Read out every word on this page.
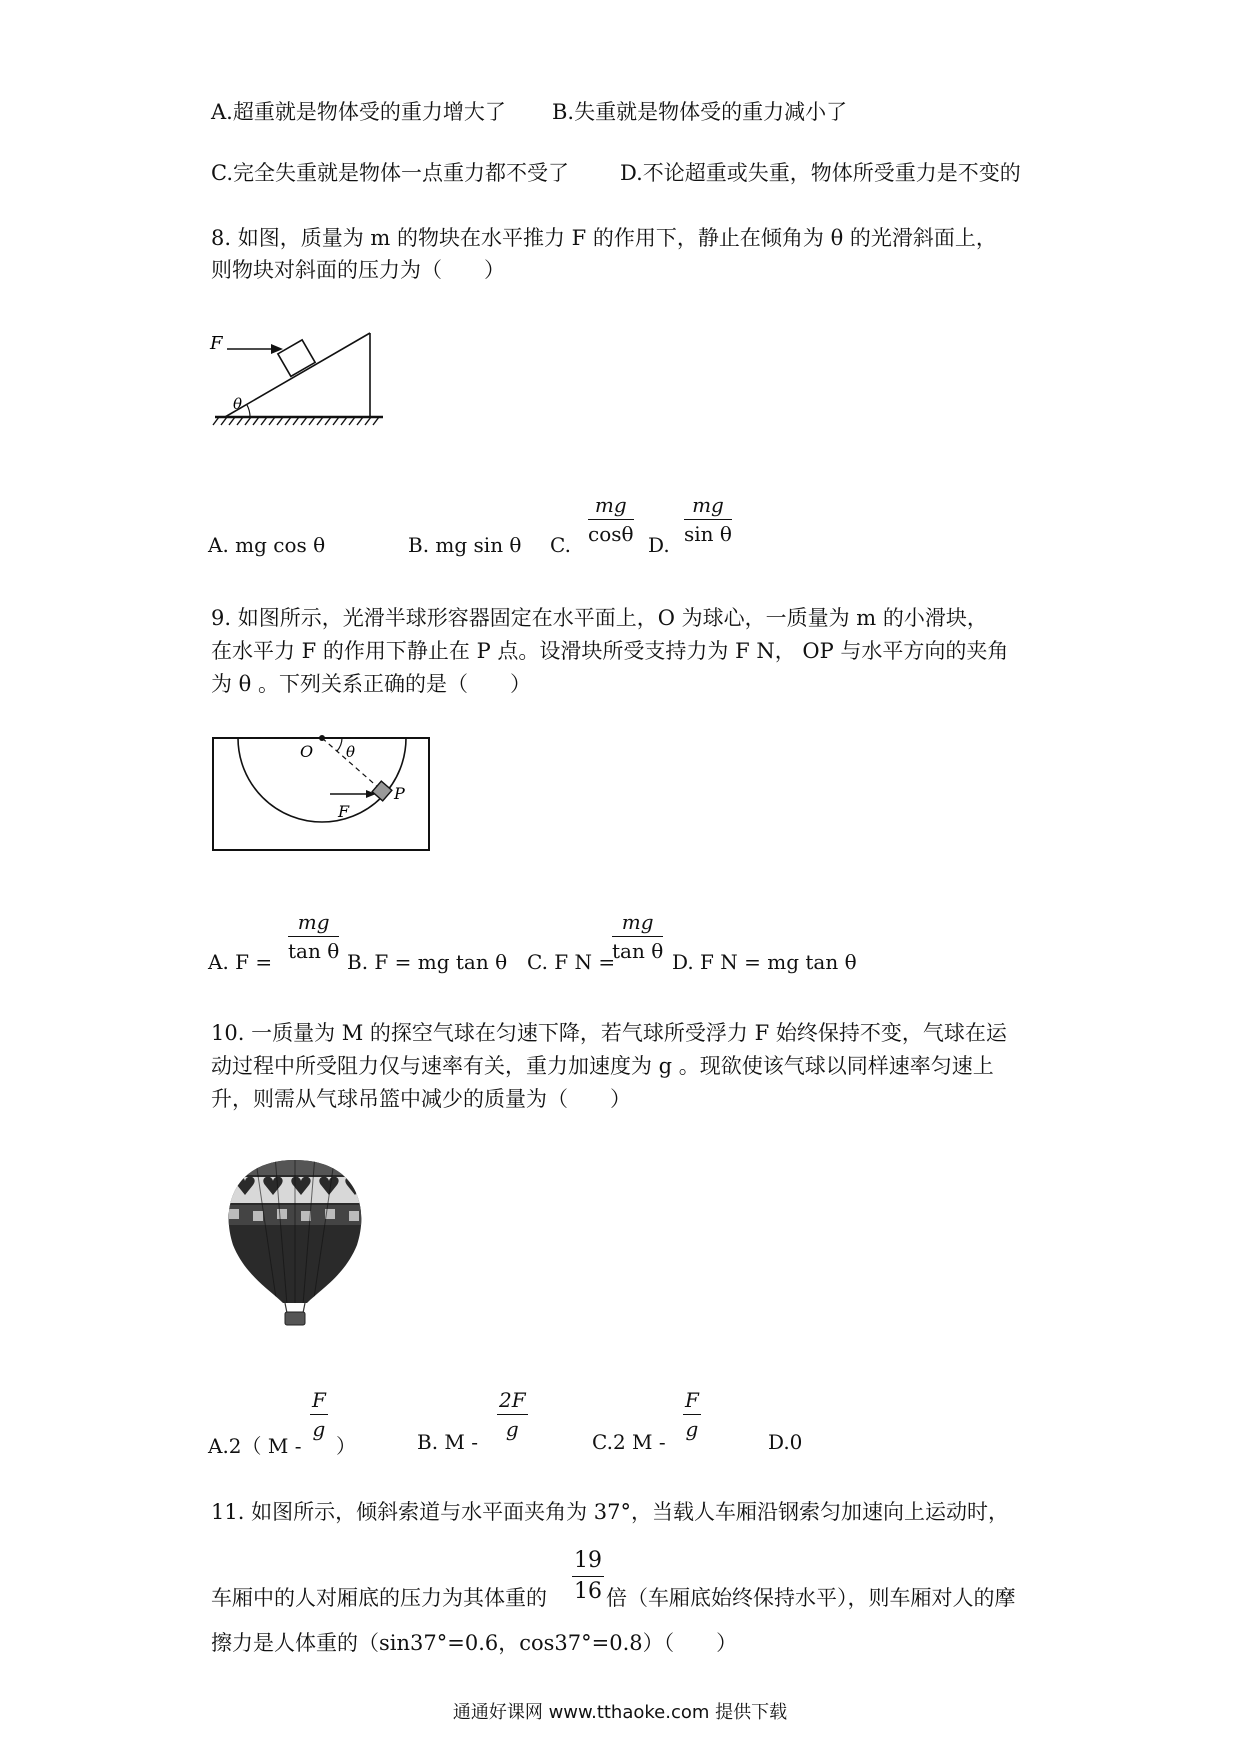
A.超重就是物体受的重力增大了 B.失重就是物体受的重力减小了
C.完全失重就是物体一点重力都不受了 D.不论超重或失重，物体所受重力是不变的
8. 如图，质量为 m 的物块在水平推力 F 的作用下，静止在倾角为 θ 的光滑斜面上，
则物块对斜面的压力为（　　）
θ
F
A. mg cos θ	B. mg sin θ C.
mg
cosθ D.
mg
sin θ
9. 如图所示，光滑半球形容器固定在水平面上，O 为球心，一质量为 m 的小滑块，
在水平力 F 的作用下静止在 P 点。设滑块所受支持力为 F N， OP 与水平方向的夹角
为 θ 。下列关系正确的是（　　）
O θ
F
P
A. F =
mg
tan θ B. F = mg tan θ C. F N =
mg
tan θ D. F N = mg tan θ
10. 一质量为 M 的探空气球在匀速下降，若气球所受浮力 F 始终保持不变，气球在运
动过程中所受阻力仅与速率有关，重力加速度为 g 。现欲使该气球以同样速率匀速上
升，则需从气球吊篮中减少的质量为（　　）
A.2（ M -
F
g
）	B. M -
2F
g
C.2 M -
F
g
D.0
11. 如图所示，倾斜索道与水平面夹角为 37°，当载人车厢沿钢索匀加速向上运动时，
19
16
车厢中的人对厢底的压力为其体重的	倍（车厢底始终保持水平），则车厢对人的摩
擦力是人体重的（sin37°=0.6，cos37°=0.8）（　　）
通通好课网 www.tthaoke.com 提供下载
